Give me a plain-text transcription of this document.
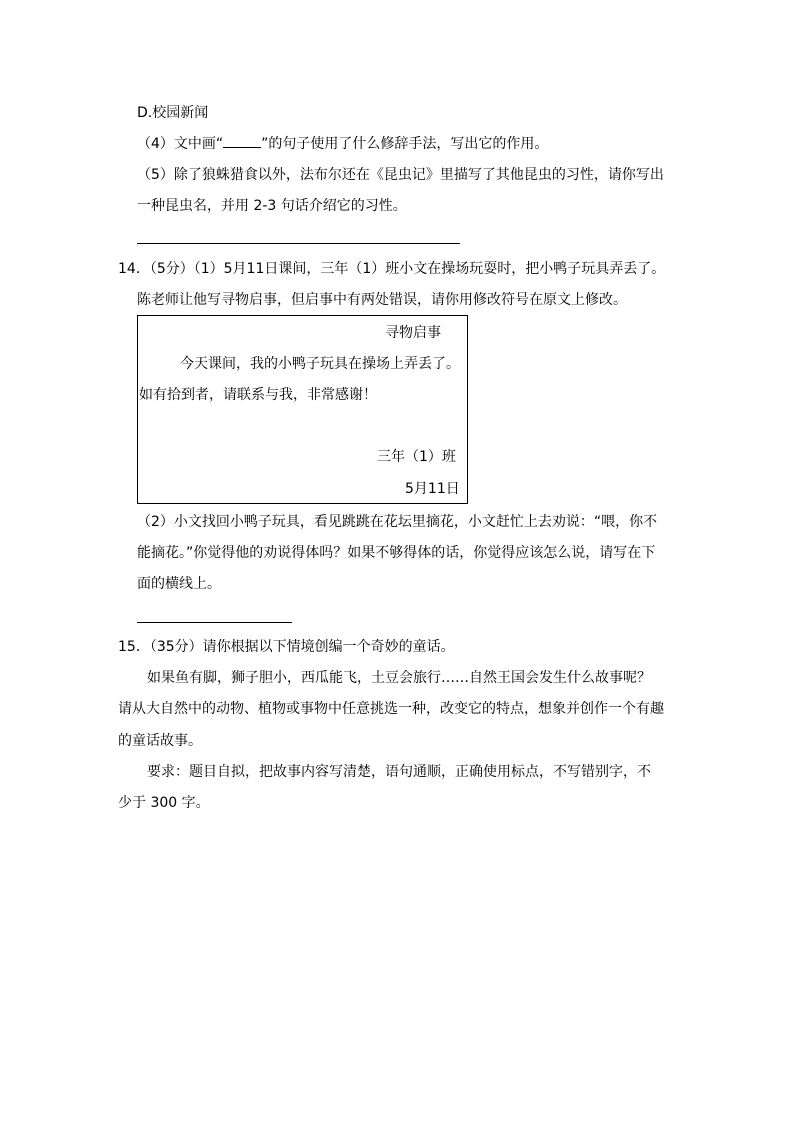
D.校园新闻
（4）文中画“	”的句子使用了什么修辞手法，写出它的作用。
（5）除了狼蛛猎食以外，法布尔还在《昆虫记》里描写了其他昆虫的习性，请你写出
一种昆虫名，并用 2-3 句话介绍它的习性。
14．（5分）（1）5月11日课间，三年（1）班小文在操场玩耍时，把小鸭子玩具弄丢了。
陈老师让他写寻物启事，但启事中有两处错误，请你用修改符号在原文上修改。
寻物启事
今天课间，我的小鸭子玩具在操场上弄丢了。
如有拾到者，请联系与我，非常感谢！
三年（1）班
5月11日
（2）小文找回小鸭子玩具，看见跳跳在花坛里摘花，小文赶忙上去劝说：“喂，你不
能摘花。”你觉得他的劝说得体吗？如果不够得体的话，你觉得应该怎么说，请写在下
面的横线上。
15．（35分）请你根据以下情境创编一个奇妙的童话。
如果鱼有脚，狮子胆小，西瓜能飞，土豆会旅行……自然王国会发生什么故事呢？
请从大自然中的动物、植物或事物中任意挑选一种，改变它的特点，想象并创作一个有趣
的童话故事。
要求：题目自拟，把故事内容写清楚，语句通顺，正确使用标点，不写错别字，不
少于 300 字。
